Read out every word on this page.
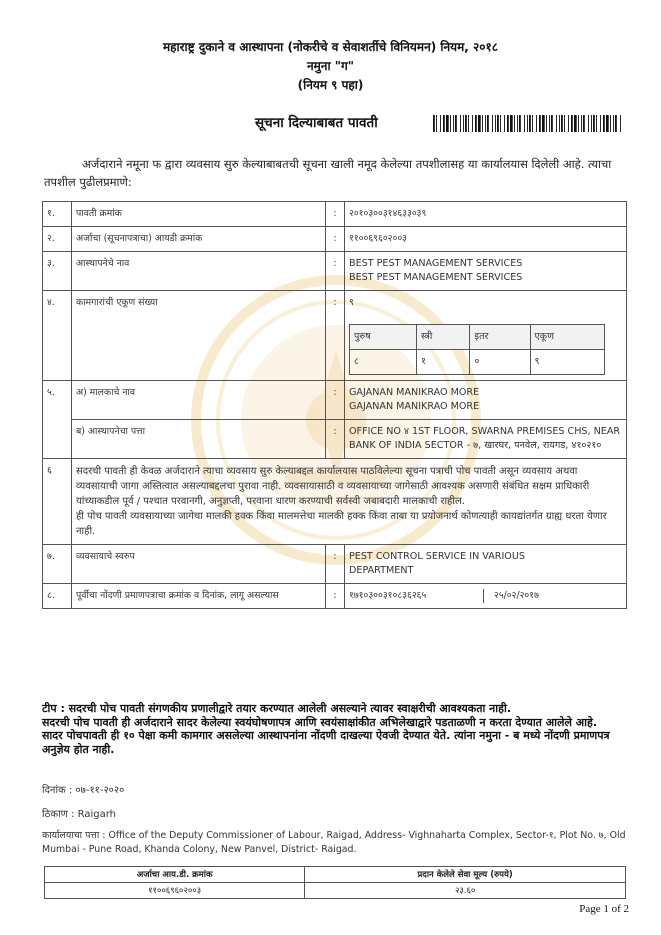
महाराष्ट्र दुकाने व आस्थापना (नोकरीचे व सेवाशर्तीचे विनियमन) नियम, २०१८
नमुना "ग"
(नियम ९ पहा)
सूचना दिल्याबाबत पावती
अर्जदाराने नमूना फ द्वारा व्यवसाय सुरु केल्याबाबतची सूचना खाली नमूद केलेल्या तपशीलासह या कार्यालयास दिलेली आहे. त्याचा तपशील पुढीलप्रमाणे:
१.	पावती क्रमांक	:	२०१०३००३१४६३३०३९
२.	अर्जाचा (सूचनापत्राचा) आयडी क्रमांक	:	११००६९६०२००३
३.	आस्थापनेचे नाव	:	BEST PEST MANAGEMENT SERVICES
BEST PEST MANAGEMENT SERVICES

४.	कामगारांची एकूण संख्या	:	९
पुरुष	स्त्री	इतर	एकूण
८	१	०	९

५.	अ) मालकाचे नाव	:	GAJANAN MANIKRAO MORE
GAJANAN MANIKRAO MORE

ब) आस्थापनेचा पत्ता	:	OFFICE NO ४ 1ST FLOOR, SWARNA PREMISES CHS, NEAR BANK OF INDIA SECTOR - ७, खारघर, पनवेल, रायगड, ४१०२१०
६	सदरची पावती ही केवळ अर्जदाराने त्याचा व्यवसाय सुरु केल्याबद्दल कार्यालयास पाठविलेल्या सूचना पत्राची पोच पावती असून व्यवसाय अथवा व्यवसायाची जागा अस्तित्वात असल्याबद्दलचा पुरावा नाही. व्यवसायासाठी व व्यवसायाच्या जागेसाठी आवश्यक असणारी संबंधित सक्षम प्राधिकारी यांच्याकडील पूर्व / पश्चात परवानगी, अनुज्ञप्ती, परवाना धारण करण्याची सर्वस्वी जबाबदारी मालकाची राहील.
ही पोच पावती व्यवसायाच्या जागेचा मालकी हक्क किंवा मालमत्तेचा मालकी हक्क किंवा ताबा या प्रयोजनार्थ कोणत्याही कायद्यांतर्गत ग्राह्य धरता येणार नाही.

७.	व्यवसायाचे स्वरुप	:	PEST CONTROL SERVICE IN VARIOUS
DEPARTMENT

८.	पूर्वीचा नोंदणी प्रमाणपत्राचा क्रमांक व दिनांक, लागू असल्यास	:	१७१०३००३१०८३६२६५	२५/०२/२०१७
टीप : सदरची पोच पावती संगणकीय प्रणालीद्वारे तयार करण्यात आलेली असल्याने त्यावर स्वाक्षरीची आवश्यकता नाही.
सदरची पोच पावती ही अर्जदाराने सादर केलेल्या स्वयंघोषणापत्र आणि स्वयंसाक्षांकीत अभिलेखाद्वारे पडताळणी न करता देण्यात आलेले आहे.
सादर पोचपावती ही १० पेक्षा कमी कामगार असलेल्या आस्थापनांना नोंदणी दाखल्या ऐवजी देण्यात येते. त्यांना नमुना - ब मध्ये नोंदणी प्रमाणपत्र अनुज्ञेय होत नाही.
दिनांक : ०७-११-२०२०
ठिकाण : Raigarh
कार्यालयाचा पत्ता : Office of the Deputy Commissioner of Labour, Raigad, Address- Vighnaharta Complex, Sector-१, Plot No. ७, Old Mumbai - Pune Road, Khanda Colony, New Panvel, District- Raigad.
अर्जाचा आय.डी. क्रमांक	प्रदान केलेले सेवा मूल्य (रुपये)
११००६९६०२००३	२३.६०
Page 1 of 2
